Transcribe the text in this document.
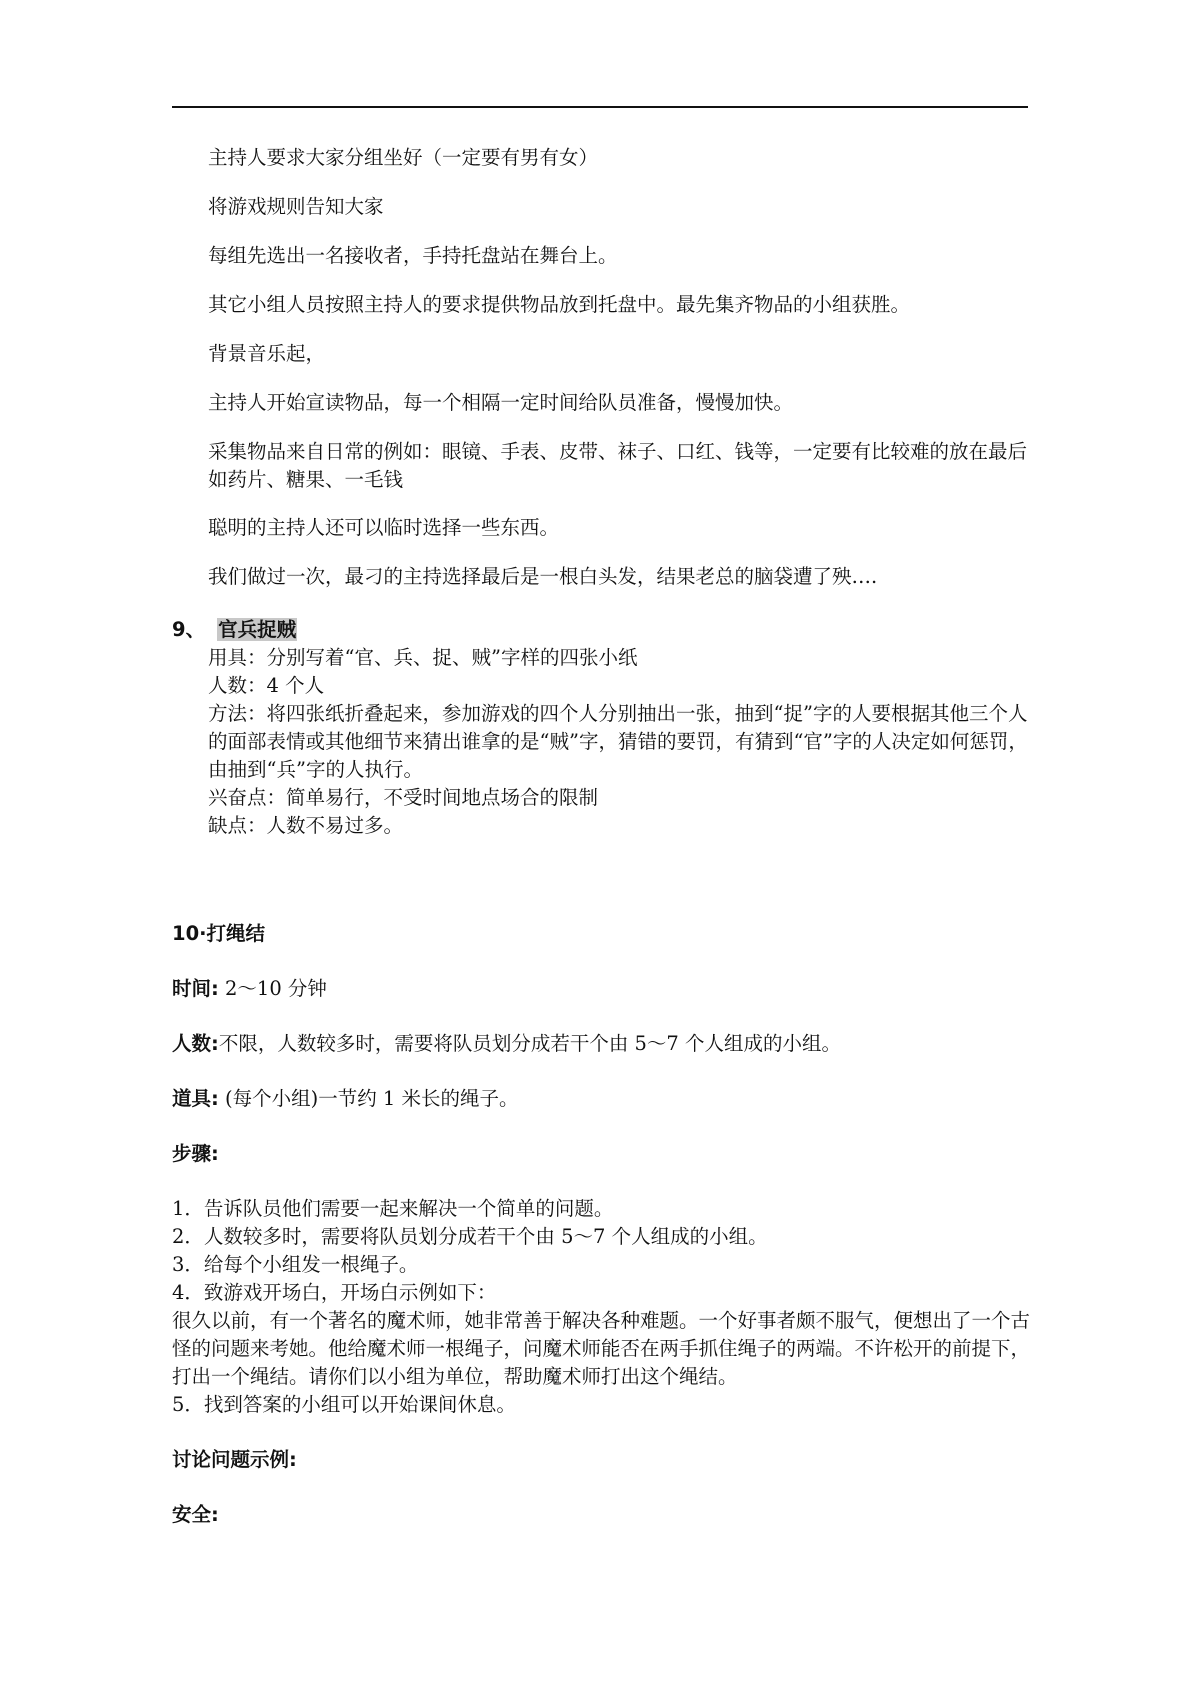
主持人要求大家分组坐好（一定要有男有女）
将游戏规则告知大家
每组先选出一名接收者，手持托盘站在舞台上。
其它小组人员按照主持人的要求提供物品放到托盘中。最先集齐物品的小组获胜。
背景音乐起，
主持人开始宣读物品，每一个相隔一定时间给队员准备，慢慢加快。
采集物品来自日常的例如：眼镜、手表、皮带、袜子、口红、钱等，一定要有比较难的放在最后如药片、糖果、一毛钱
聪明的主持人还可以临时选择一些东西。
我们做过一次，最刁的主持选择最后是一根白头发，结果老总的脑袋遭了殃….
9、 官兵捉贼
用具：分别写着“官、兵、捉、贼”字样的四张小纸
人数：4 个人
方法：将四张纸折叠起来，参加游戏的四个人分别抽出一张，抽到“捉”字的人要根据其他三个人的面部表情或其他细节来猜出谁拿的是“贼”字，猜错的要罚，有猜到“官”字的人决定如何惩罚，由抽到“兵”字的人执行。
兴奋点：简单易行，不受时间地点场合的限制
缺点：人数不易过多。
10·打绳结
时间: 2～10 分钟
人数:不限，人数较多时，需要将队员划分成若干个由 5～7 个人组成的小组。
道具: (每个小组)一节约 1 米长的绳子。
步骤:
1．告诉队员他们需要一起来解决一个简单的问题。
2．人数较多时，需要将队员划分成若干个由 5～7 个人组成的小组。
3．给每个小组发一根绳子。
4．致游戏开场白，开场白示例如下：
很久以前，有一个著名的魔术师，她非常善于解决各种难题。一个好事者颇不服气，便想出了一个古怪的问题来考她。他给魔术师一根绳子，问魔术师能否在两手抓住绳子的两端。不许松开的前提下，打出一个绳结。请你们以小组为单位，帮助魔术师打出这个绳结。
5．找到答案的小组可以开始课间休息。
讨论问题示例:
安全:
